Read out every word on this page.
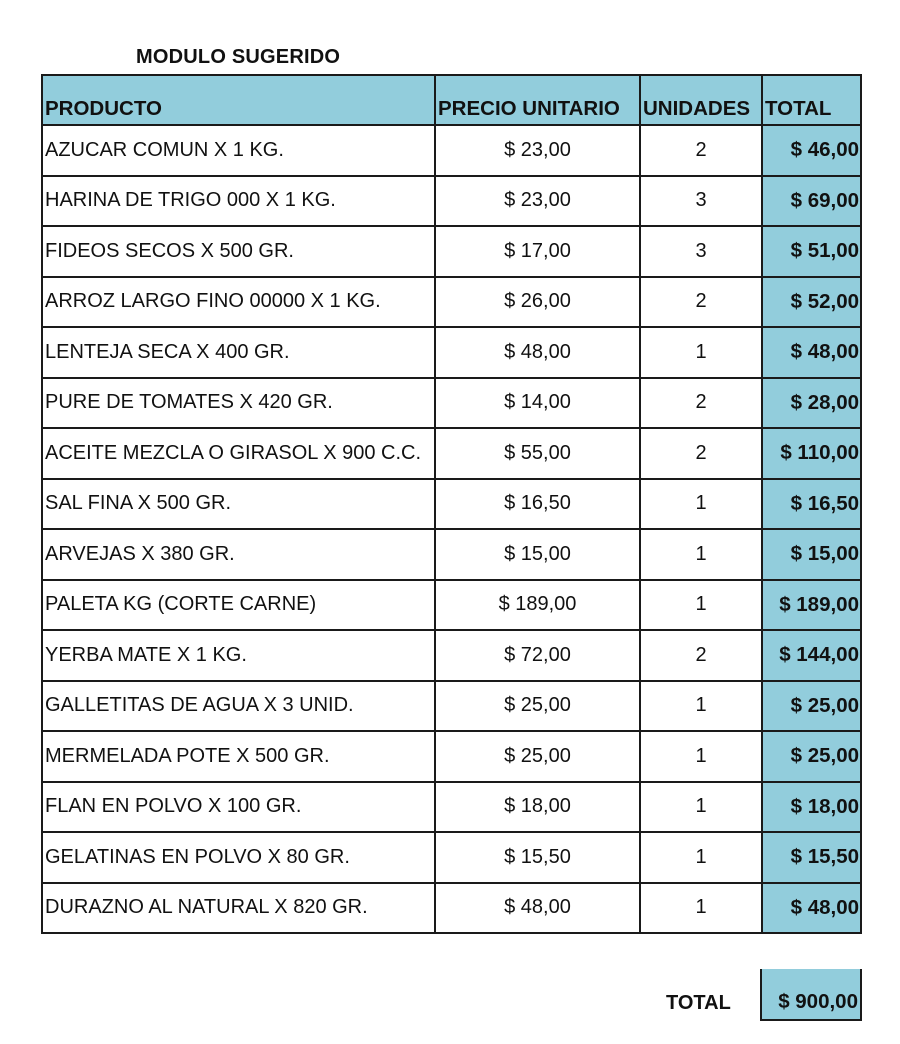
MODULO SUGERIDO
PRODUCTO	PRECIO UNITARIO	UNIDADES	TOTAL
AZUCAR COMUN X 1 KG.	$ 23,00	2	$ 46,00
HARINA DE TRIGO 000 X 1 KG.	$ 23,00	3	$ 69,00
FIDEOS SECOS X 500 GR.	$ 17,00	3	$ 51,00
ARROZ LARGO FINO 00000 X 1 KG.	$ 26,00	2	$ 52,00
LENTEJA SECA X 400 GR.	$ 48,00	1	$ 48,00
PURE DE TOMATES X 420 GR.	$ 14,00	2	$ 28,00
ACEITE MEZCLA O GIRASOL X 900 C.C.	$ 55,00	2	$ 110,00
SAL FINA X 500 GR.	$ 16,50	1	$ 16,50
ARVEJAS X 380 GR.	$ 15,00	1	$ 15,00
PALETA KG (CORTE CARNE)	$ 189,00	1	$ 189,00
YERBA MATE X 1 KG.	$ 72,00	2	$ 144,00
GALLETITAS DE AGUA X 3 UNID.	$ 25,00	1	$ 25,00
MERMELADA POTE X 500 GR.	$ 25,00	1	$ 25,00
FLAN EN POLVO X 100 GR.	$ 18,00	1	$ 18,00
GELATINAS EN POLVO X 80 GR.	$ 15,50	1	$ 15,50
DURAZNO AL NATURAL X 820 GR.	$ 48,00	1	$ 48,00
TOTAL	$ 900,00
